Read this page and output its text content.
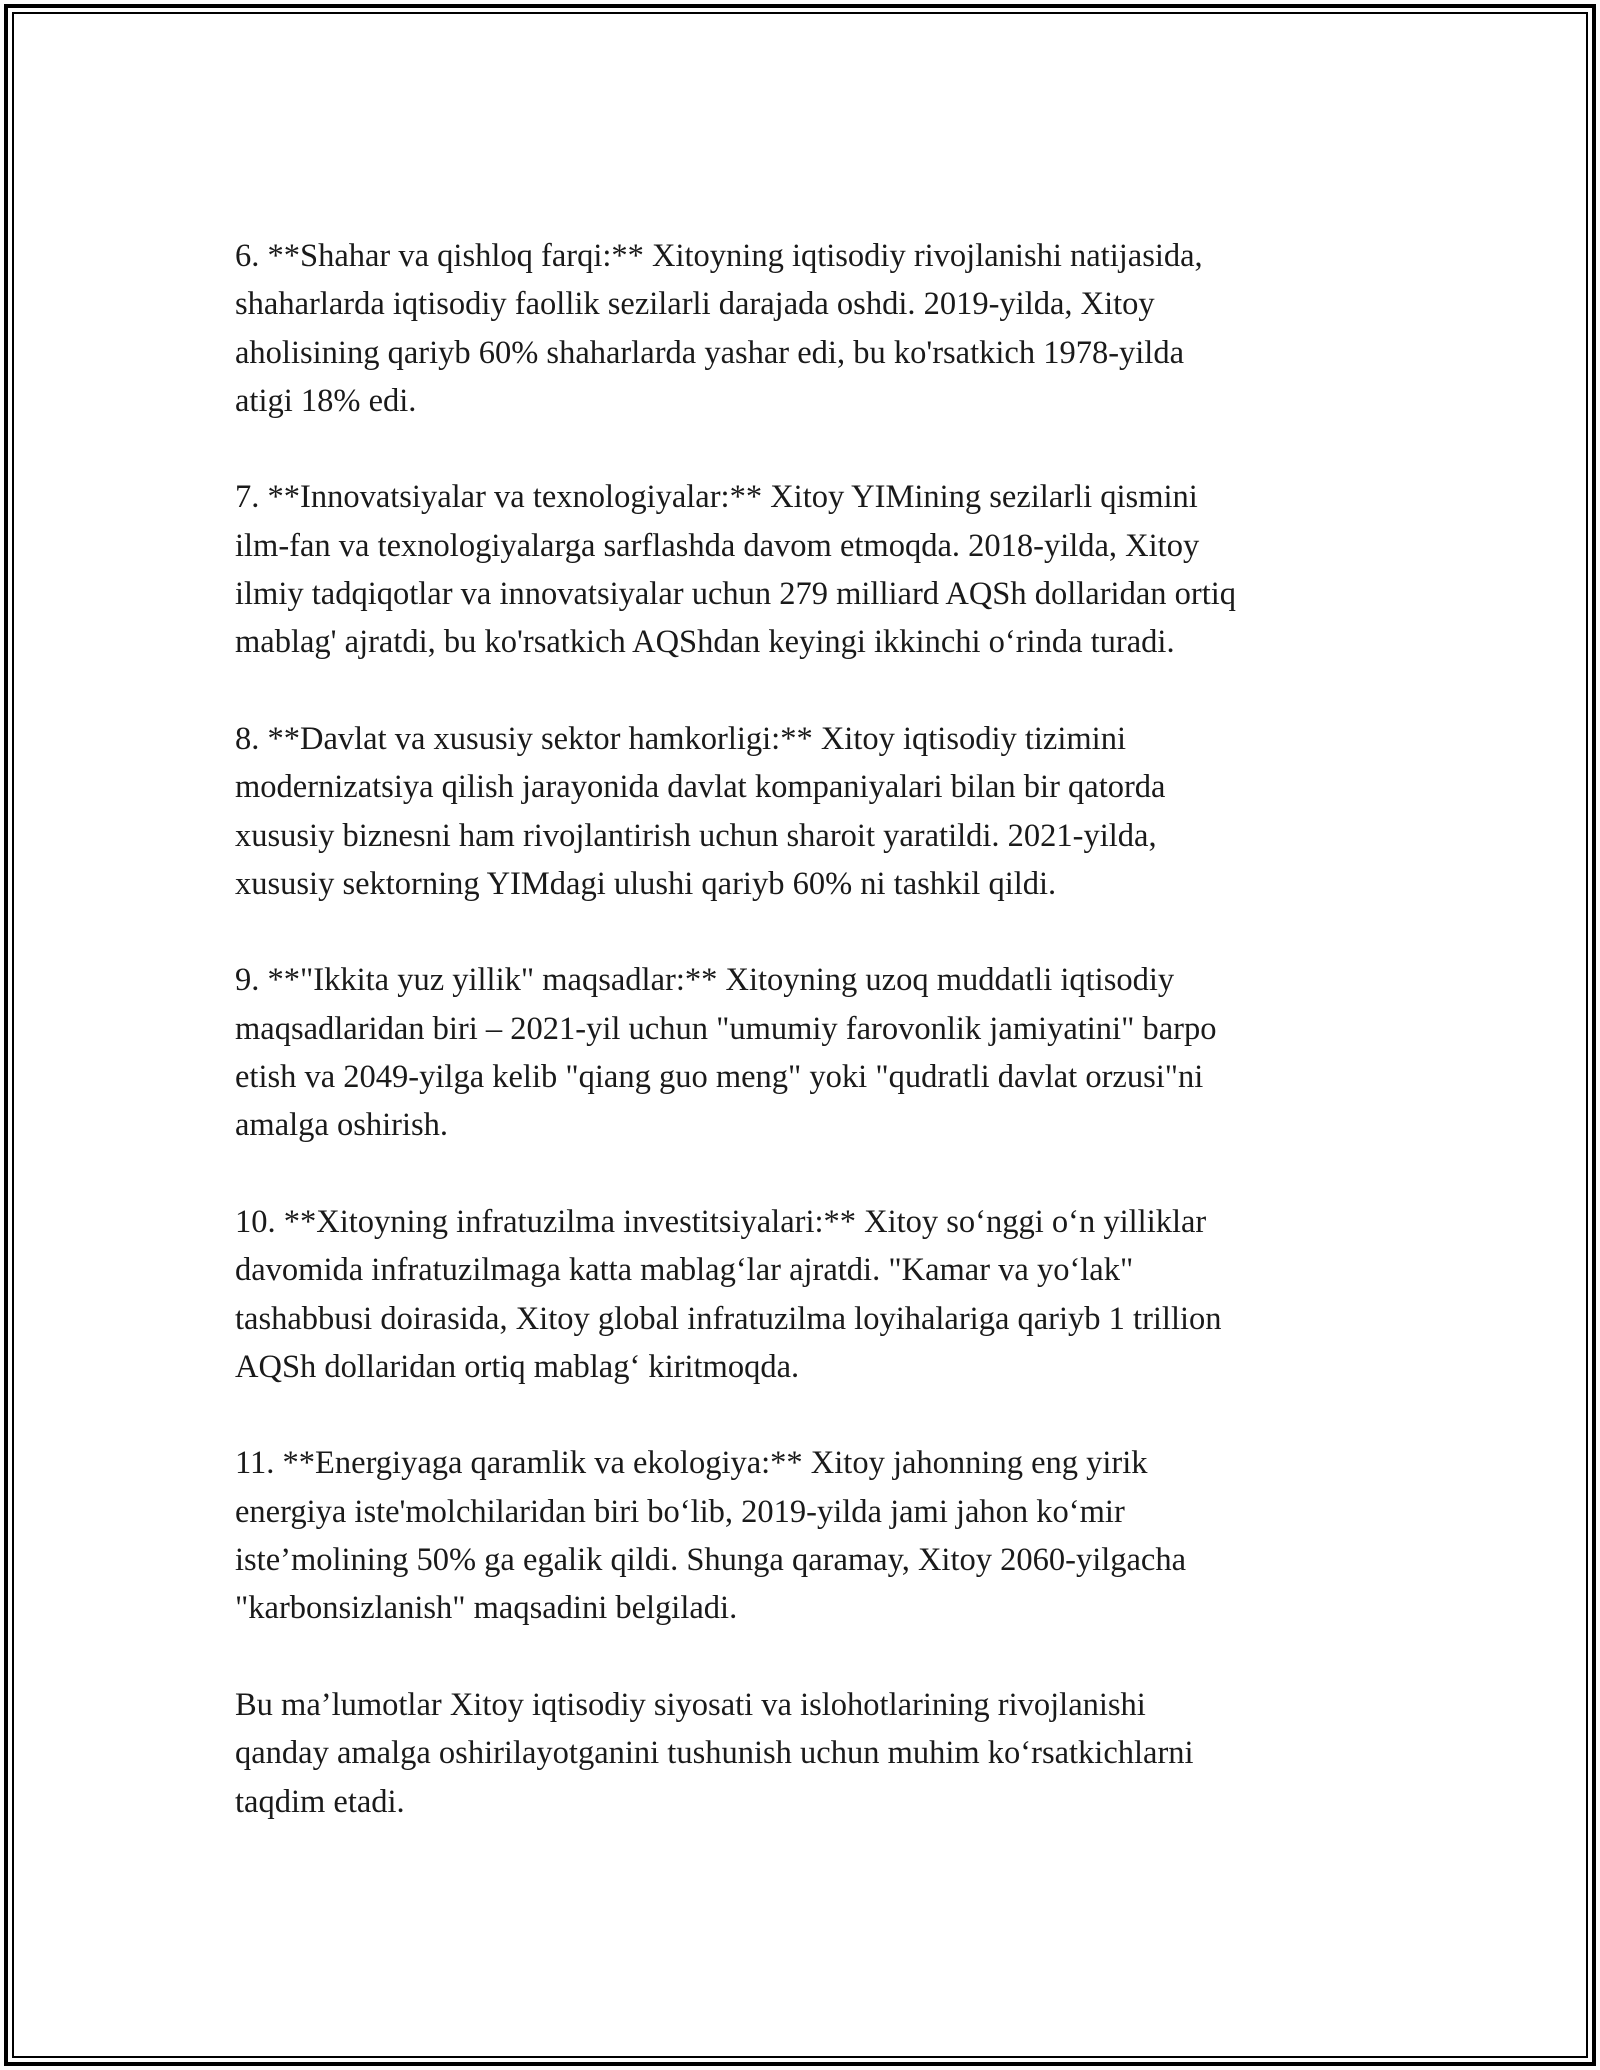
6. **Shahar va qishloq farqi:** Xitoyning iqtisodiy rivojlanishi natijasida,
shaharlarda iqtisodiy faollik sezilarli darajada oshdi. 2019-yilda, Xitoy
aholisining qariyb 60% shaharlarda yashar edi, bu ko'rsatkich 1978-yilda
atigi 18% edi.

7. **Innovatsiyalar va texnologiyalar:** Xitoy YIMining sezilarli qismini
ilm-fan va texnologiyalarga sarflashda davom etmoqda. 2018-yilda, Xitoy
ilmiy tadqiqotlar va innovatsiyalar uchun 279 milliard AQSh dollaridan ortiq
mablag' ajratdi, bu ko'rsatkich AQShdan keyingi ikkinchi o‘rinda turadi.

8. **Davlat va xususiy sektor hamkorligi:** Xitoy iqtisodiy tizimini
modernizatsiya qilish jarayonida davlat kompaniyalari bilan bir qatorda
xususiy biznesni ham rivojlantirish uchun sharoit yaratildi. 2021-yilda,
xususiy sektorning YIMdagi ulushi qariyb 60% ni tashkil qildi.

9. **"Ikkita yuz yillik" maqsadlar:** Xitoyning uzoq muddatli iqtisodiy
maqsadlaridan biri – 2021-yil uchun "umumiy farovonlik jamiyatini" barpo
etish va 2049-yilga kelib "qiang guo meng" yoki "qudratli davlat orzusi"ni
amalga oshirish.

10. **Xitoyning infratuzilma investitsiyalari:** Xitoy so‘nggi o‘n yilliklar
davomida infratuzilmaga katta mablag‘lar ajratdi. "Kamar va yo‘lak"
tashabbusi doirasida, Xitoy global infratuzilma loyihalariga qariyb 1 trillion
AQSh dollaridan ortiq mablag‘ kiritmoqda.

11. **Energiyaga qaramlik va ekologiya:** Xitoy jahonning eng yirik
energiya iste'molchilaridan biri bo‘lib, 2019-yilda jami jahon ko‘mir
iste’molining 50% ga egalik qildi. Shunga qaramay, Xitoy 2060-yilgacha
"karbonsizlanish" maqsadini belgiladi.

Bu ma’lumotlar Xitoy iqtisodiy siyosati va islohotlarining rivojlanishi
qanday amalga oshirilayotganini tushunish uchun muhim ko‘rsatkichlarni
taqdim etadi.
